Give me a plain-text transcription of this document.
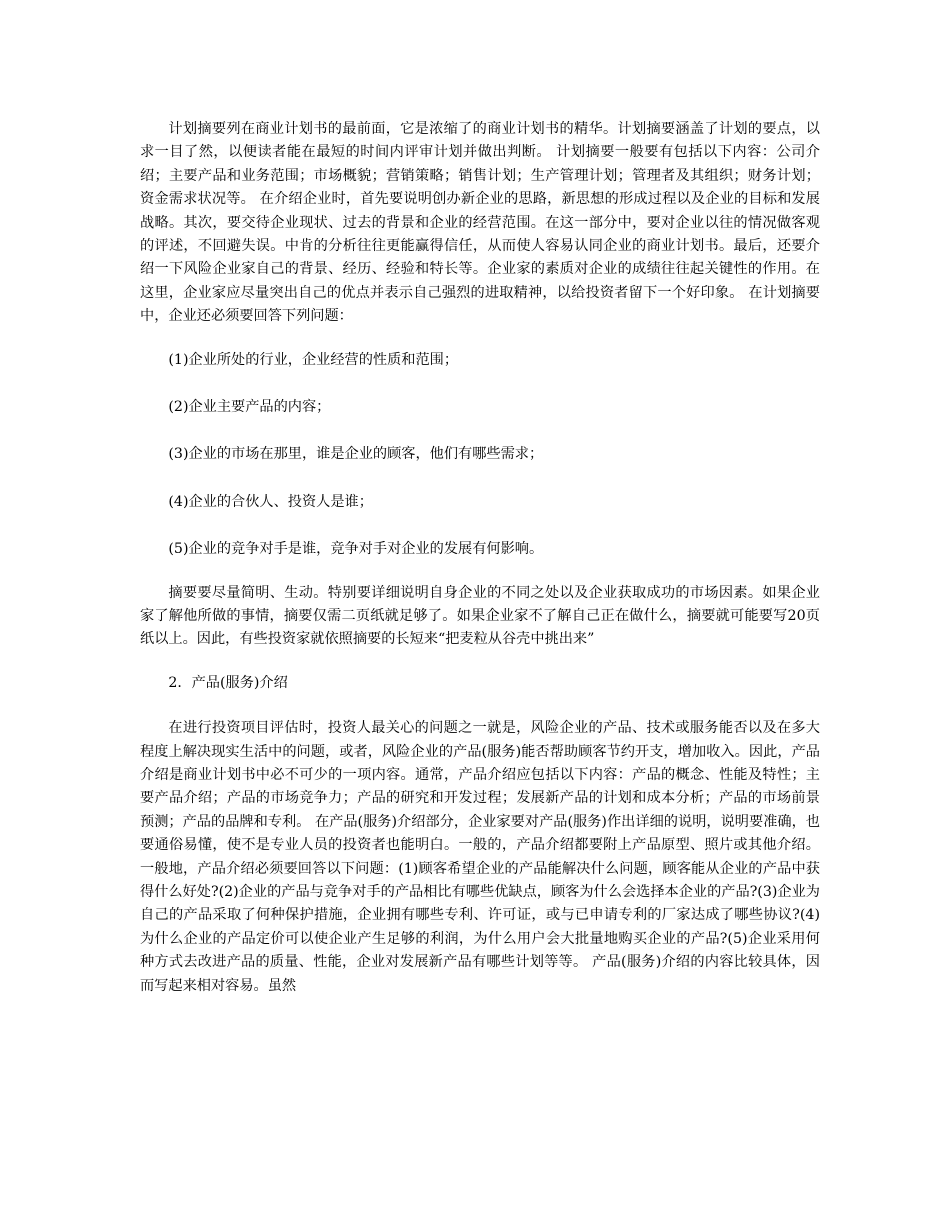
计划摘要列在商业计划书的最前面，它是浓缩了的商业计划书的精华。计划摘要涵盖了计划的要点，以求一目了然，以便读者能在最短的时间内评审计划并做出判断。 计划摘要一般要有包括以下内容：公司介绍；主要产品和业务范围；市场概貌；营销策略；销售计划；生产管理计划；管理者及其组织；财务计划；资金需求状况等。 在介绍企业时，首先要说明创办新企业的思路，新思想的形成过程以及企业的目标和发展战略。其次，要交待企业现状、过去的背景和企业的经营范围。在这一部分中，要对企业以往的情况做客观的评述，不回避失误。中肯的分析往往更能赢得信任，从而使人容易认同企业的商业计划书。最后，还要介绍一下风险企业家自己的背景、经历、经验和特长等。企业家的素质对企业的成绩往往起关键性的作用。在这里，企业家应尽量突出自己的优点并表示自己强烈的进取精神，以给投资者留下一个好印象。 在计划摘要中，企业还必须要回答下列问题：

(1)企业所处的行业，企业经营的性质和范围；

(2)企业主要产品的内容；

(3)企业的市场在那里，谁是企业的顾客，他们有哪些需求；

(4)企业的合伙人、投资人是谁；

(5)企业的竞争对手是谁，竞争对手对企业的发展有何影响。

摘要要尽量简明、生动。特别要详细说明自身企业的不同之处以及企业获取成功的市场因素。如果企业家了解他所做的事情，摘要仅需二页纸就足够了。如果企业家不了解自己正在做什么，摘要就可能要写20页纸以上。因此，有些投资家就依照摘要的长短来“把麦粒从谷壳中挑出来”

2．产品(服务)介绍

在进行投资项目评估时，投资人最关心的问题之一就是，风险企业的产品、技术或服务能否以及在多大程度上解决现实生活中的问题，或者，风险企业的产品(服务)能否帮助顾客节约开支，增加收入。因此，产品介绍是商业计划书中必不可少的一项内容。通常，产品介绍应包括以下内容：产品的概念、性能及特性；主要产品介绍；产品的市场竞争力；产品的研究和开发过程；发展新产品的计划和成本分析；产品的市场前景预测；产品的品牌和专利。 在产品(服务)介绍部分，企业家要对产品(服务)作出详细的说明，说明要准确，也要通俗易懂，使不是专业人员的投资者也能明白。一般的，产品介绍都要附上产品原型、照片或其他介绍。一般地，产品介绍必须要回答以下问题：(1)顾客希望企业的产品能解决什么问题，顾客能从企业的产品中获得什么好处?(2)企业的产品与竞争对手的产品相比有哪些优缺点，顾客为什么会选择本企业的产品?(3)企业为自己的产品采取了何种保护措施，企业拥有哪些专利、许可证，或与已申请专利的厂家达成了哪些协议?(4)为什么企业的产品定价可以使企业产生足够的利润，为什么用户会大批量地购买企业的产品?(5)企业采用何种方式去改进产品的质量、性能，企业对发展新产品有哪些计划等等。 产品(服务)介绍的内容比较具体，因而写起来相对容易。虽然
